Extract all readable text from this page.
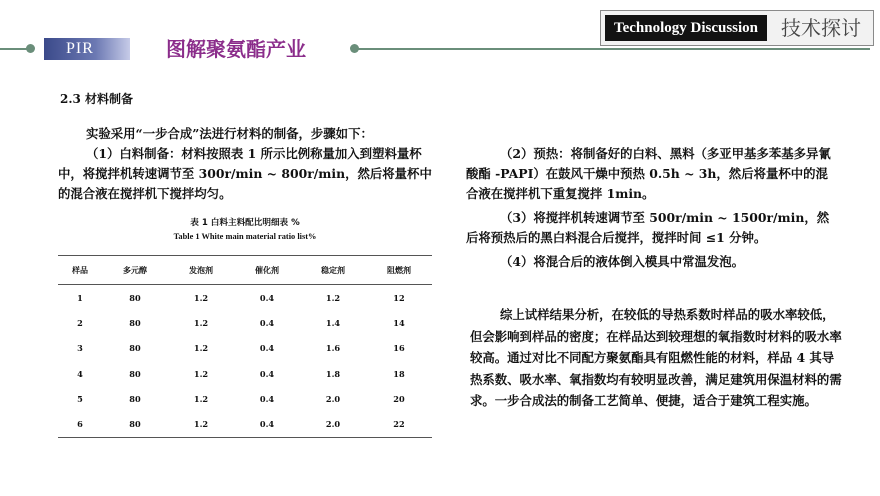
Technology Discussion	技术探讨
PIR	图解聚氨酯产业
2.3 材料制备
实验采用“一步合成”法进行材料的制备，步骤如下：
（1）白料制备：材料按照表 1 所示比例称量加入到塑料量杯中，将搅拌机转速调节至 300r/min ~ 800r/min，然后将量杯中的混合液在搅拌机下搅拌均匀。
表 1 白料主料配比明细表 %
Table 1 White main material ratio list%
样品	多元醇	发泡剂	催化剂	稳定剂	阻燃剂
1	80	1.2	0.4	1.2	12
2	80	1.2	0.4	1.4	14
3	80	1.2	0.4	1.6	16
4	80	1.2	0.4	1.8	18
5	80	1.2	0.4	2.0	20
6	80	1.2	0.4	2.0	22
（2）预热：将制备好的白料、黑料（多亚甲基多苯基多异氰酸酯 -PAPI）在鼓风干燥中预热 0.5h ~ 3h，然后将量杯中的混合液在搅拌机下重复搅拌 1min。
（3）将搅拌机转速调节至 500r/min ~ 1500r/min，然后将预热后的黑白料混合后搅拌，搅拌时间 ≤1 分钟。
（4）将混合后的液体倒入模具中常温发泡。
综上试样结果分析，在较低的导热系数时样品的吸水率较低，但会影响到样品的密度；在样品达到较理想的氧指数时材料的吸水率较高。通过对比不同配方聚氨酯具有阻燃性能的材料，样品 4 其导热系数、吸水率、氧指数均有较明显改善，满足建筑用保温材料的需求。一步合成法的制备工艺简单、便捷，适合于建筑工程实施。
